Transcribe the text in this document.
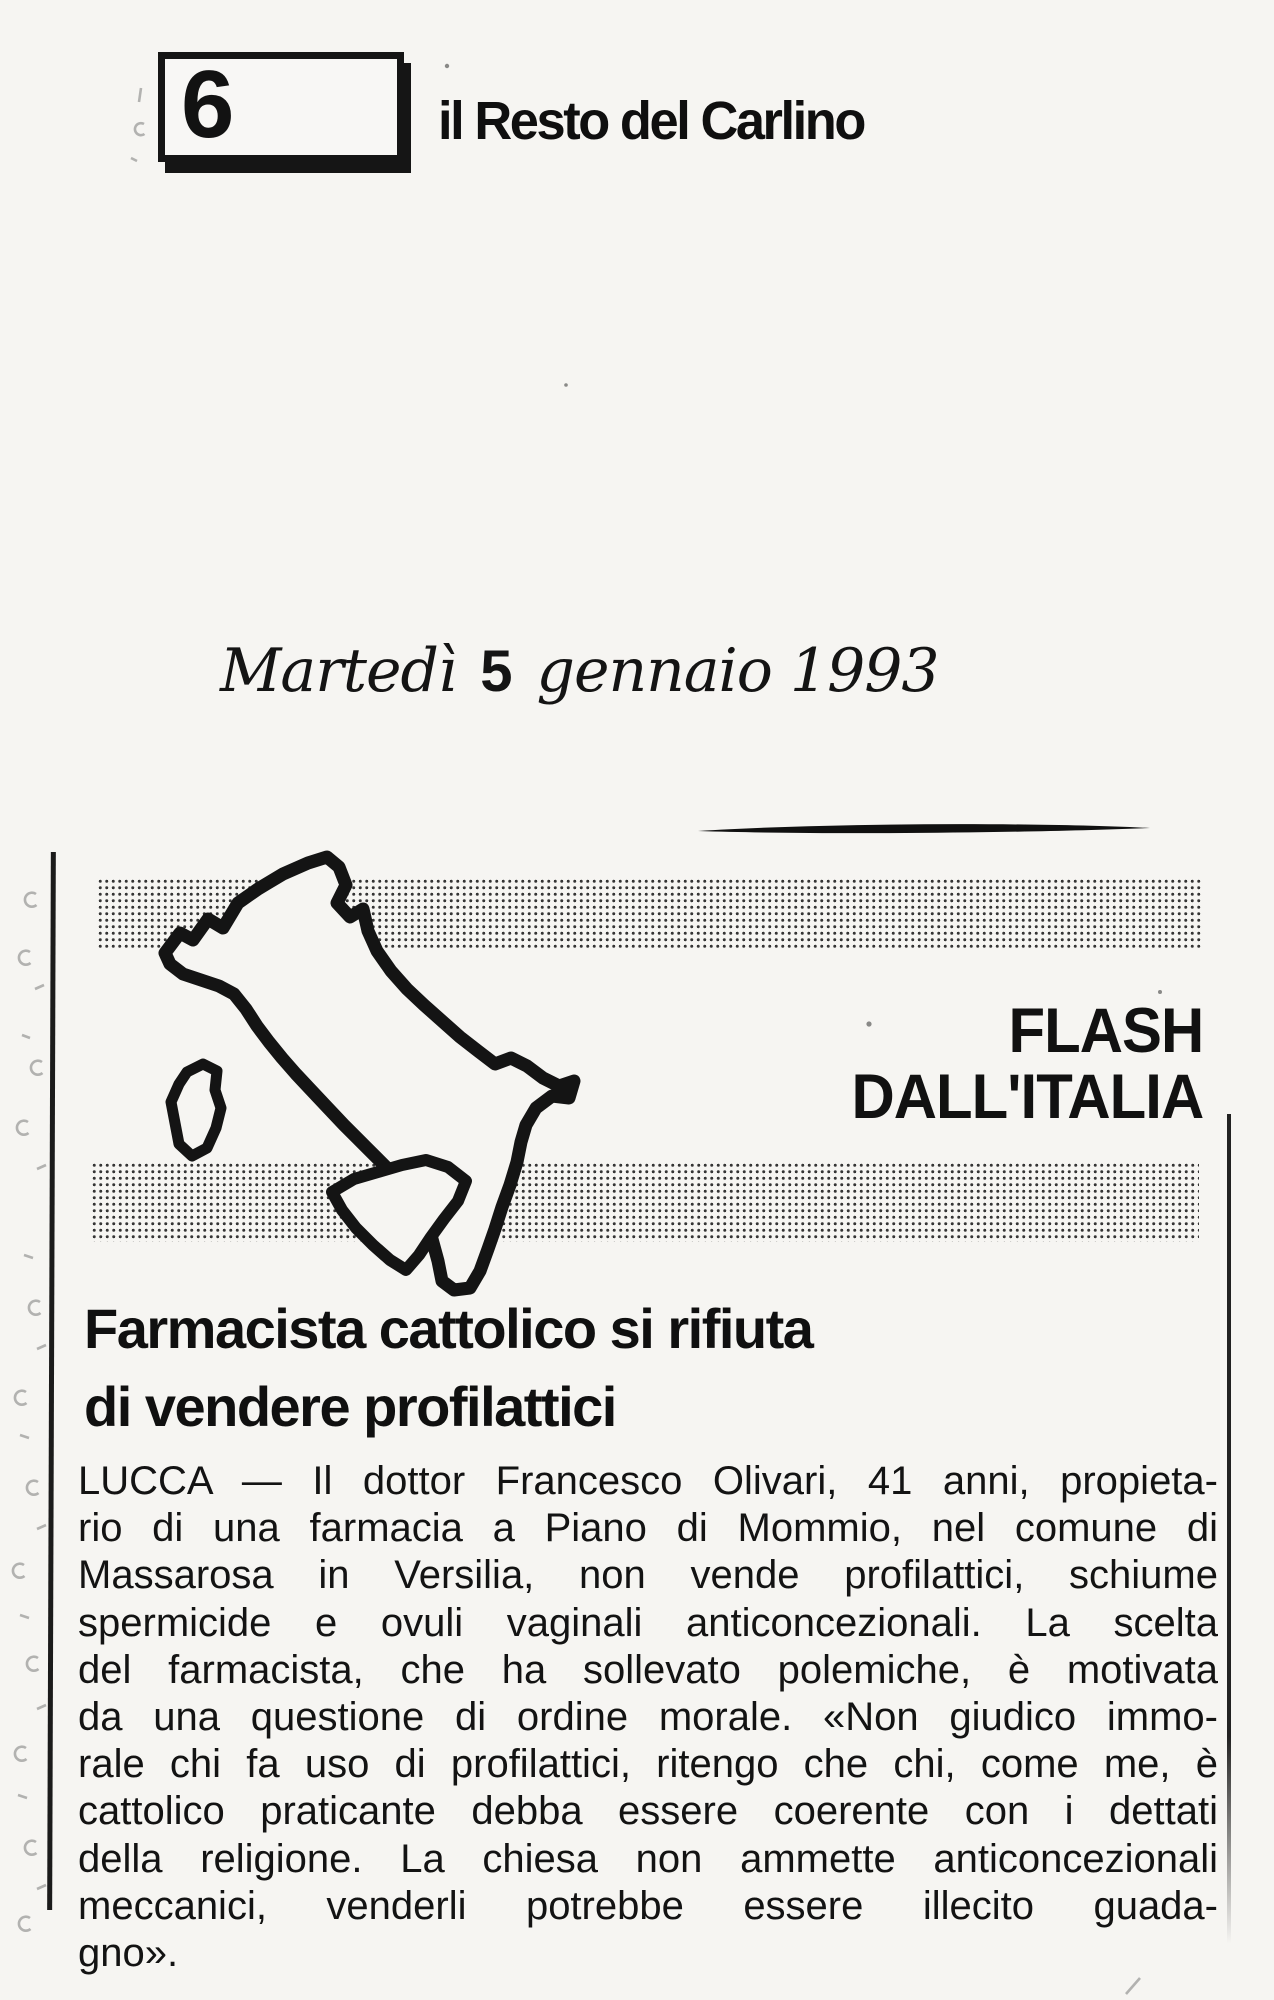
6	il Resto del Carlino
Martedì 5 gennaio 1993
FLASH
DALL'ITALIA
Farmacista cattolico si rifiuta
di vendere profilattici
LUCCA — Il dottor Francesco Olivari, 41 anni, propieta-
rio di una farmacia a Piano di Mommio, nel comune di
Massarosa in Versilia, non vende profilattici, schiume
spermicide e ovuli vaginali anticoncezionali. La scelta
del farmacista, che ha sollevato polemiche, è motivata
da una questione di ordine morale. «Non giudico immo-
rale chi fa uso di profilattici, ritengo che chi, come me, è
cattolico praticante debba essere coerente con i dettati
della religione. La chiesa non ammette anticoncezionali
meccanici, venderli potrebbe essere illecito guada-
gno».
